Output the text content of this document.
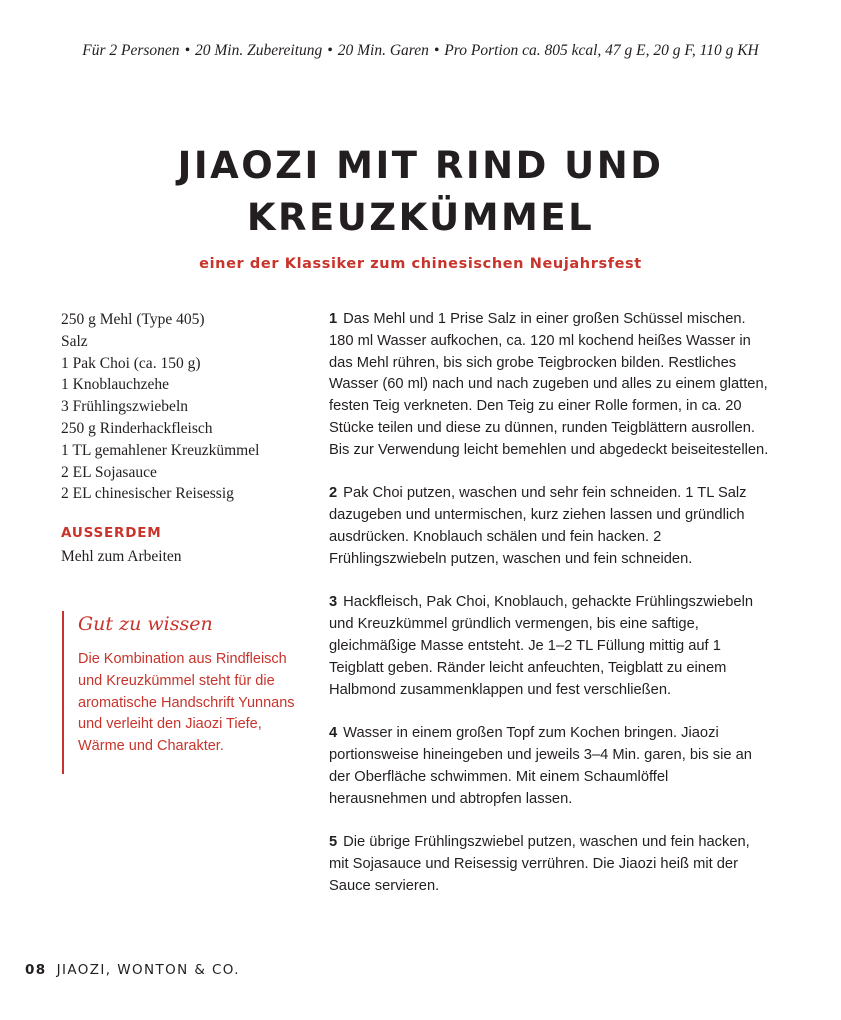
Für 2 Personen • 20 Min. Zubereitung • 20 Min. Garen • Pro Portion ca. 805 kcal, 47 g E, 20 g F, 110 g KH
JIAOZI MIT RIND UND
KREUZKÜMMEL
einer der Klassiker zum chinesischen Neujahrsfest
250 g Mehl (Type 405)
Salz
1 Pak Choi (ca. 150 g)
1 Knoblauchzehe
3 Frühlingszwiebeln
250 g Rinderhackfleisch
1 TL gemahlener Kreuzkümmel
2 EL Sojasauce
2 EL chinesischer Reisessig
AUSSERDEM
Mehl zum Arbeiten
Gut zu wissen
Die Kombination aus Rindfleisch und Kreuzkümmel steht für die aromatische Handschrift Yunnans und verleiht den Jiaozi Tiefe, Wärme und Charakter.

1 Das Mehl und 1 Prise Salz in einer großen Schüssel mischen. 180 ml Wasser aufkochen, ca. 120 ml kochend heißes Wasser in das Mehl rühren, bis sich grobe Teigbrocken bilden. Restliches Wasser (60 ml) nach und nach zugeben und alles zu einem glatten, festen Teig verkneten. Den Teig zu einer Rolle formen, in ca. 20 Stücke teilen und diese zu dünnen, runden Teigblättern ausrollen. Bis zur Verwendung leicht bemehlen und abgedeckt beiseitestellen.

2 Pak Choi putzen, waschen und sehr fein schneiden. 1 TL Salz dazugeben und untermischen, kurz ziehen lassen und gründlich ausdrücken. Knoblauch schälen und fein hacken. 2 Frühlingszwiebeln putzen, waschen und fein schneiden.

3 Hackfleisch, Pak Choi, Knoblauch, gehackte Frühlingszwiebeln und Kreuzkümmel gründlich vermengen, bis eine saftige, gleichmäßige Masse entsteht. Je 1–2 TL Füllung mittig auf 1 Teigblatt geben. Ränder leicht anfeuchten, Teigblatt zu einem Halbmond zusammenklappen und fest verschließen.

4 Wasser in einem großen Topf zum Kochen bringen. Jiaozi portionsweise hineingeben und jeweils 3–4 Min. garen, bis sie an der Oberfläche schwimmen. Mit einem Schaumlöffel herausnehmen und abtropfen lassen.

5 Die übrige Frühlingszwiebel putzen, waschen und fein hacken, mit Sojasauce und Reisessig verrühren. Die Jiaozi heiß mit der Sauce servieren.

08 JIAOZI, WONTON & CO.
